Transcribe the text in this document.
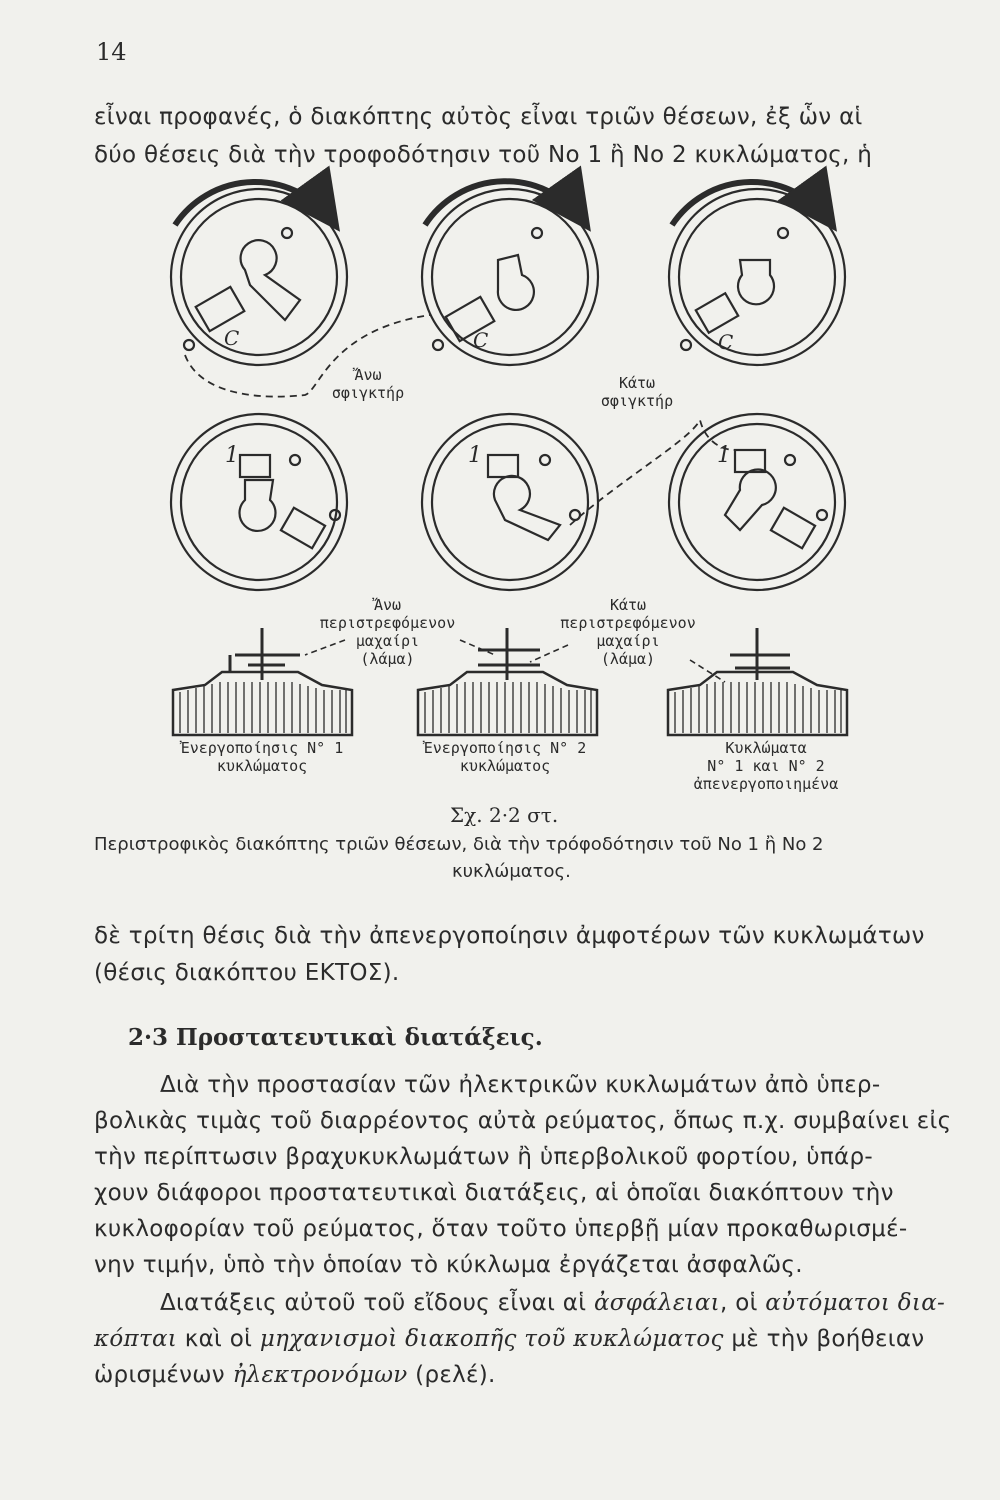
14
εἶναι προφανές, ὁ διακόπτης αὐτὸς εἶναι τριῶν θέσεων, ἐξ ὧν αἱ
δύο θέσεις διὰ τὴν τροφοδότησιν τοῦ No 1 ἢ No 2 κυκλώματος, ἡ
C	C	C
1	1	1
Ἄνω
σφιγκτήρ
Κάτω
σφιγκτήρ
Ἄνω
περιστρεφόμενον
μαχαίρι
(λάμα)
Κάτω
περιστρεφόμενον
μαχαίρι
(λάμα)
Ἐνεργοποίησις N° 1
κυκλώματος
Ἐνεργοποίησις N° 2
κυκλώματος
Κυκλώματα
N° 1 και N° 2
ἀπενεργοποιημένα
Σχ. 2·2 στ.
Περιστροφικὸς διακόπτης τριῶν θέσεων, διὰ τὴν τρόφοδότησιν τοῦ No 1 ἢ No 2
κυκλώματος.
δὲ τρίτη θέσις διὰ τὴν ἀπενεργοποίησιν ἀμφοτέρων τῶν κυκλωμάτων
(θέσις διακόπτου ΕΚΤΟΣ).
2·3 Προστατευτικαὶ διατάξεις.
Διὰ τὴν προστασίαν τῶν ἠλεκτρικῶν κυκλωμάτων ἀπὸ ὑπερ-
βολικὰς τιμὰς τοῦ διαρρέοντος αὐτὰ ρεύματος, ὅπως π.χ. συμβαίνει εἰς
τὴν περίπτωσιν βραχυκυκλωμάτων ἢ ὑπερβολικοῦ φορτίου, ὑπάρ-
χουν διάφοροι προστατευτικαὶ διατάξεις, αἱ ὁποῖαι διακόπτουν τὴν
κυκλοφορίαν τοῦ ρεύματος, ὅταν τοῦτο ὑπερβῇ μίαν προκαθωρισμέ-
νην τιμήν, ὑπὸ τὴν ὁποίαν τὸ κύκλωμα ἐργάζεται ἀσφαλῶς.
Διατάξεις αὐτοῦ τοῦ εἴδους εἶναι αἱ ἀσφάλειαι, οἱ αὐτόματοι δια-
κόπται καὶ οἱ μηχανισμοὶ διακοπῆς τοῦ κυκλώματος μὲ τὴν βοήθειαν
ὡρισμένων ἠλεκτρονόμων (ρελέ).
